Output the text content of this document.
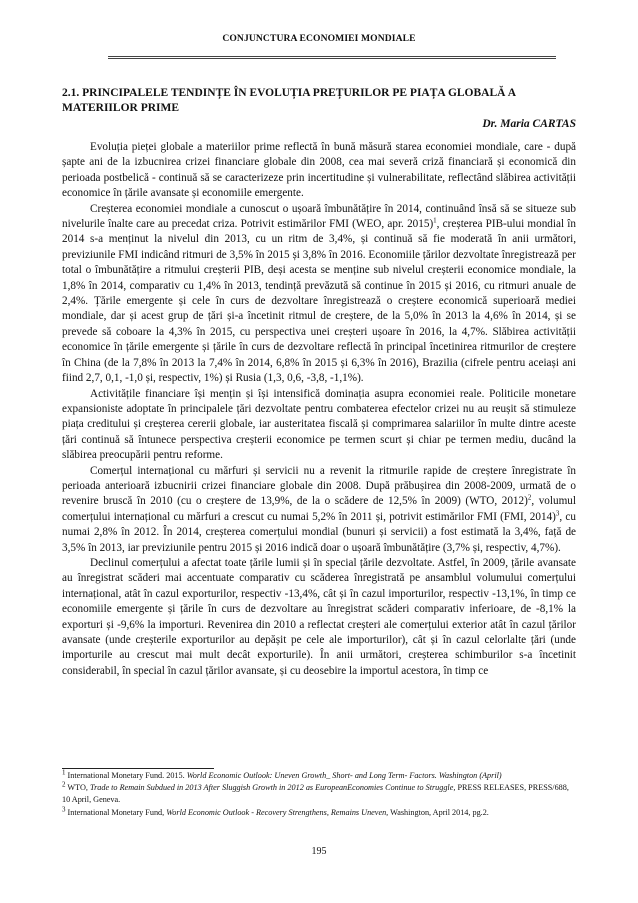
CONJUNCTURA ECONOMIEI MONDIALE
2.1. PRINCIPALELE TENDINȚE ÎN EVOLUȚIA PREȚURILOR PE PIAȚA GLOBALĂ A MATERIILOR PRIME
Dr. Maria CARTAS

Evoluția pieței globale a materiilor prime reflectă în bună măsură starea economiei mondiale, care - după șapte ani de la izbucnirea crizei financiare globale din 2008, cea mai severă criză financiară și economică din perioada postbelică - continuă să se caracterizeze prin incertitudine și vulnerabilitate, reflectând slăbirea activității economice în țările avansate și economiile emergente.

Creșterea economiei mondiale a cunoscut o ușoară îmbunătățire în 2014, continuând însă să se situeze sub nivelurile înalte care au precedat criza. Potrivit estimărilor FMI (WEO, apr. 2015)$^1$, creșterea PIB-ului mondial în 2014 s-a menținut la nivelul din 2013, cu un ritm de 3,4%, și continuă să fie moderată în anii următori, previziunile FMI indicând ritmuri de 3,5% în 2015 și 3,8% în 2016. Economiile țărilor dezvoltate înregistrează per total o îmbunătățire a ritmului creșterii PIB, deși acesta se menține sub nivelul creșterii economice mondiale, la 1,8% în 2014, comparativ cu 1,4% în 2013, tendință prevăzută să continue în 2015 și 2016, cu ritmuri anuale de 2,4%. Țările emergente și cele în curs de dezvoltare înregistrează o creștere economică superioară mediei mondiale, dar și acest grup de țări și-a încetinit ritmul de creștere, de la 5,0% în 2013 la 4,6% în 2014, și se prevede să coboare la 4,3% în 2015, cu perspectiva unei creșteri ușoare în 2016, la 4,7%. Slăbirea activității economice în țările emergente și țările în curs de dezvoltare reflectă în principal încetinirea ritmurilor de creștere în China (de la 7,8% în 2013 la 7,4% în 2014, 6,8% în 2015 și 6,3% în 2016), Brazilia (cifrele pentru aceiași ani fiind 2,7, 0,1, -1,0 și, respectiv, 1%) și Rusia (1,3, 0,6, -3,8, -1,1%).

Activitățile financiare își mențin și își intensifică dominația asupra economiei reale. Politicile monetare expansioniste adoptate în principalele țări dezvoltate pentru combaterea efectelor crizei nu au reușit să stimuleze piața creditului și creșterea cererii globale, iar austeritatea fiscală și comprimarea salariilor în multe dintre aceste țări continuă să întunece perspectiva creșterii economice pe termen scurt și chiar pe termen mediu, ducând la slăbirea preocupării pentru reforme.

Comerțul internațional cu mărfuri și servicii nu a revenit la ritmurile rapide de creștere înregistrate în perioada anterioară izbucnirii crizei financiare globale din 2008. După prăbușirea din 2008-2009, urmată de o revenire bruscă în 2010 (cu o creștere de 13,9%, de la o scădere de 12,5% în 2009) (WTO, 2012)$^2$, volumul comerțului internațional cu mărfuri a crescut cu numai 5,2% în 2011 și, potrivit estimărilor FMI (FMI, 2014)$^3$, cu numai 2,8% în 2012. În 2014, creșterea comerțului mondial (bunuri și servicii) a fost estimată la 3,4%, față de 3,5% în 2013, iar previziunile pentru 2015 și 2016 indică doar o ușoară îmbunătățire (3,7% și, respectiv, 4,7%).

Declinul comerțului a afectat toate țările lumii și în special țările dezvoltate. Astfel, în 2009, țările avansate au înregistrat scăderi mai accentuate comparativ cu scăderea înregistrată pe ansamblul volumului comerțului internațional, atât în cazul exporturilor, respectiv -13,4%, cât și în cazul importurilor, respectiv -13,1%, în timp ce economiile emergente și țările în curs de dezvoltare au înregistrat scăderi comparativ inferioare, de -8,1% la exporturi și -9,6% la importuri. Revenirea din 2010 a reflectat creșteri ale comerțului exterior atât în cazul țărilor avansate (unde creșterile exporturilor au depășit pe cele ale importurilor), cât și în cazul celorlalte țări (unde importurile au crescut mai mult decât exporturile). În anii următori, creșterea schimburilor s-a încetinit considerabil, în special în cazul țărilor avansate, și cu deosebire la importul acestora, în timp ce

$^1$ International Monetary Fund. 2015. World Economic Outlook: Uneven Growth_ Short- and Long Term- Factors. Washington (April)

$^2$ WTO, Trade to Remain Subdued in 2013 After Sluggish Growth in 2012 as EuropeanEconomies Continue to Struggle, PRESS RELEASES, PRESS/688, 10 April, Geneva.

$^3$ International Monetary Fund, World Economic Outlook - Recovery Strengthens, Remains Uneven, Washington, April 2014, pg.2.

195
